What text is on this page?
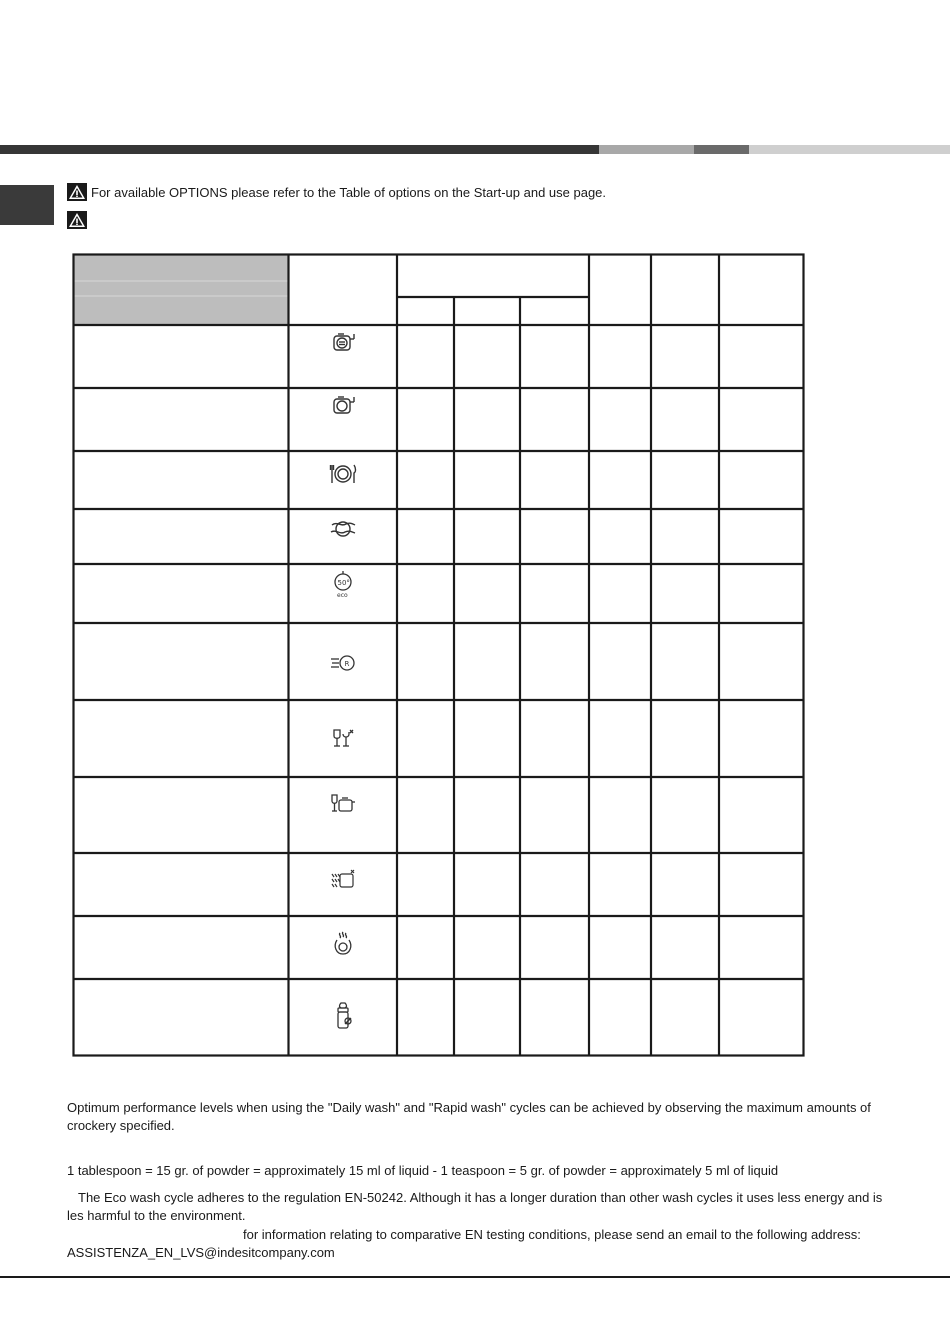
For available OPTIONS please refer to the Table of options on the Start-up and use page.
50°
eco
R
Optimum performance levels when using the "Daily wash" and "Rapid wash" cycles can be achieved by observing the maximum amounts of crockery specified.
1 tablespoon = 15 gr. of powder = approximately 15 ml of liquid - 1 teaspoon = 5 gr. of powder = approximately 5 ml of liquid
The Eco wash cycle adheres to the regulation EN-50242. Although it has a longer duration than other wash cycles it uses less energy and is les harmful to the environment.
for information relating to comparative EN testing conditions, please send an email to the following address:
ASSISTENZA_EN_LVS@indesitcompany.com
